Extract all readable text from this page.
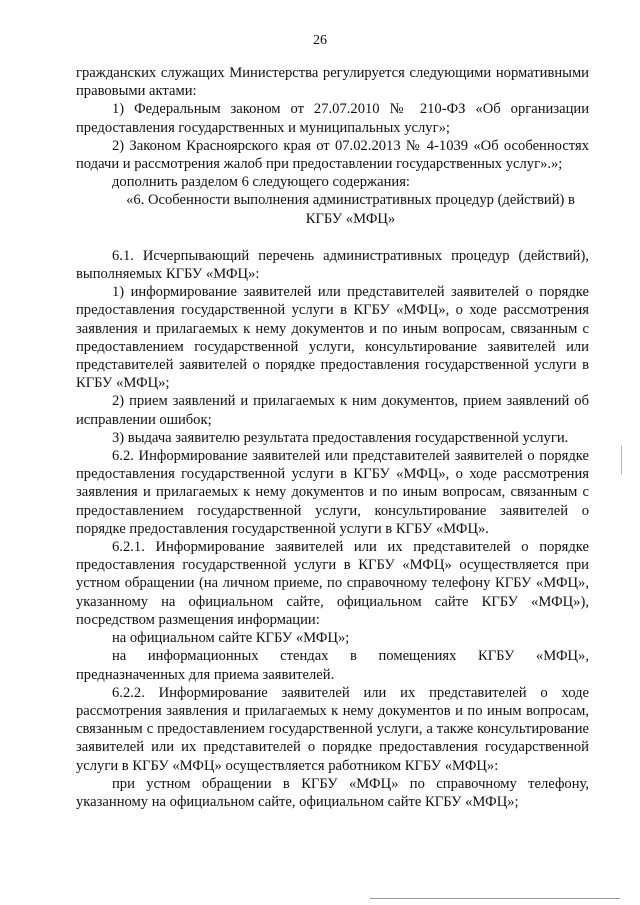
26

гражданских служащих Министерства регулируется следующими нормативными правовыми актами:

1) Федеральным законом от 27.07.2010 № 210-ФЗ «Об организации предоставления государственных и муниципальных услуг»;

2) Законом Красноярского края от 07.02.2013 № 4-1039 «Об особенностях подачи и рассмотрения жалоб при предоставлении государственных услуг».»;

дополнить разделом 6 следующего содержания:

«6. Особенности выполнения административных процедур (действий) в КГБУ «МФЦ»

6.1. Исчерпывающий перечень административных процедур (действий), выполняемых КГБУ «МФЦ»:

1) информирование заявителей или представителей заявителей о порядке предоставления государственной услуги в КГБУ «МФЦ», о ходе рассмотрения заявления и прилагаемых к нему документов и по иным вопросам, связанным с предоставлением государственной услуги, консультирование заявителей или представителей заявителей о порядке предоставления государственной услуги в КГБУ «МФЦ»;

2) прием заявлений и прилагаемых к ним документов, прием заявлений об исправлении ошибок;

3) выдача заявителю результата предоставления государственной услуги.

6.2. Информирование заявителей или представителей заявителей о порядке предоставления государственной услуги в КГБУ «МФЦ», о ходе рассмотрения заявления и прилагаемых к нему документов и по иным вопросам, связанным с предоставлением государственной услуги, консультирование заявителей о порядке предоставления государственной услуги в КГБУ «МФЦ».

6.2.1. Информирование заявителей или их представителей о порядке предоставления государственной услуги в КГБУ «МФЦ» осуществляется при устном обращении (на личном приеме, по справочному телефону КГБУ «МФЦ», указанному на официальном сайте, официальном сайте КГБУ «МФЦ»), посредством размещения информации:

на официальном сайте КГБУ «МФЦ»;

на информационных стендах в помещениях КГБУ «МФЦ», предназначенных для приема заявителей.

6.2.2. Информирование заявителей или их представителей о ходе рассмотрения заявления и прилагаемых к нему документов и по иным вопросам, связанным с предоставлением государственной услуги, а также консультирование заявителей или их представителей о порядке предоставления государственной услуги в КГБУ «МФЦ» осуществляется работником КГБУ «МФЦ»:

при устном обращении в КГБУ «МФЦ» по справочному телефону, указанному на официальном сайте, официальном сайте КГБУ «МФЦ»;
